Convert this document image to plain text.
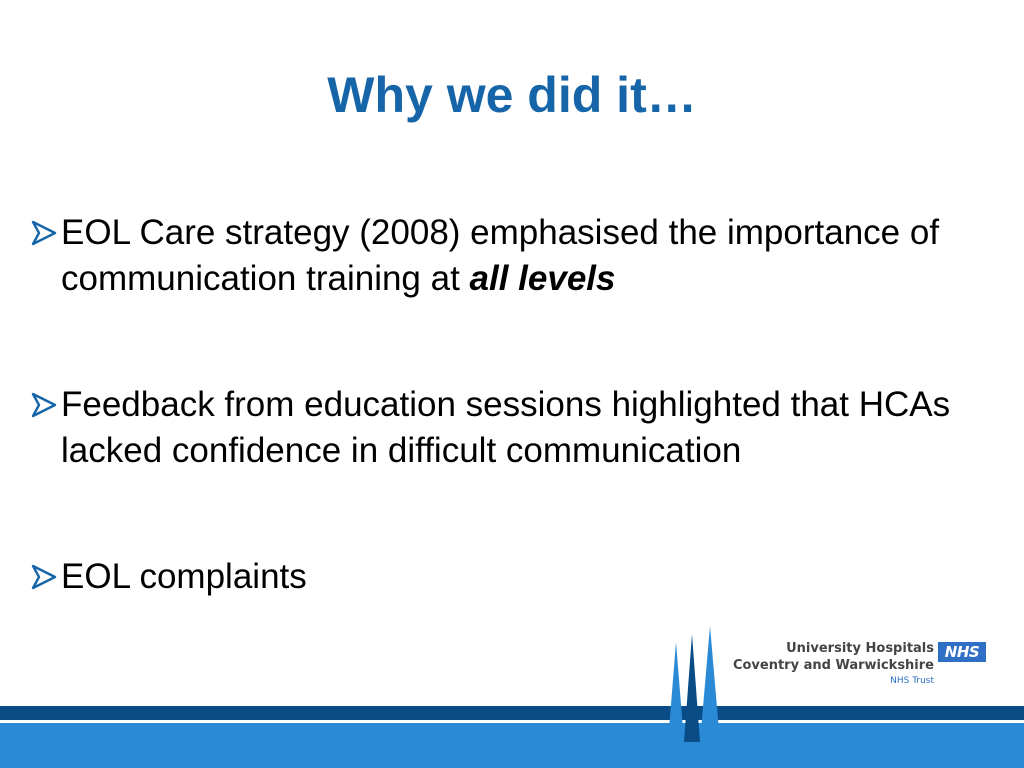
Why we did it…
EOL Care strategy (2008) emphasised the importance of communication training at all levels
Feedback from education sessions highlighted that HCAs lacked confidence in difficult communication
EOL complaints
University Hospitals
Coventry and Warwickshire
NHS Trust
NHS
